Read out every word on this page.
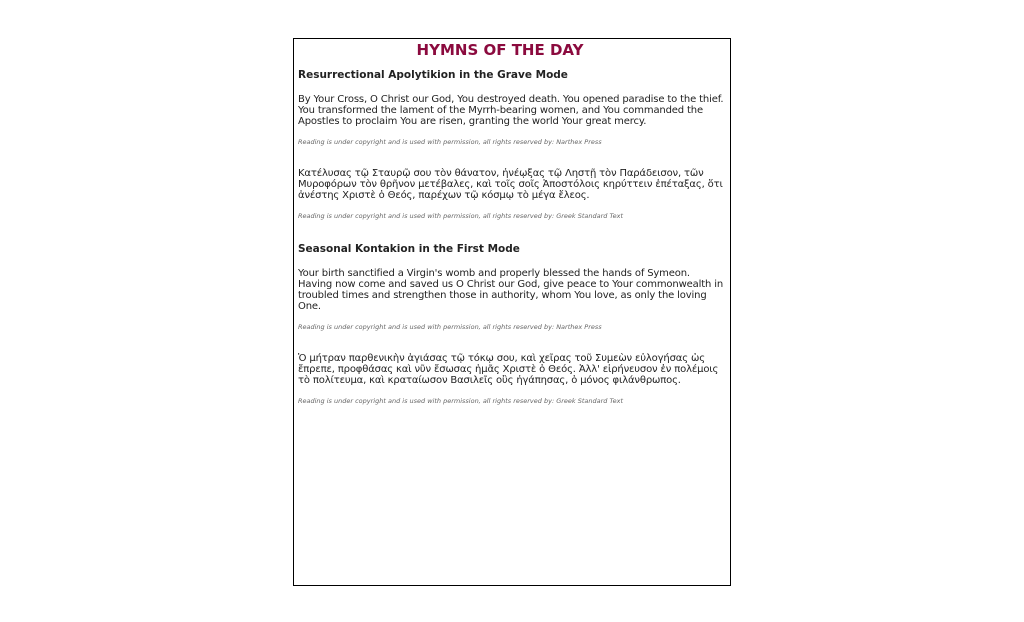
HYMNS OF THE DAY
Resurrectional Apolytikion in the Grave Mode

By Your Cross, O Christ our God, You destroyed death. You opened paradise to the thief. You transformed the lament of the Myrrh-bearing women, and You commanded the Apostles to proclaim You are risen, granting the world Your great mercy.

Reading is under copyright and is used with permission, all rights reserved by: Narthex Press

Κατέλυσας τῷ Σταυρῷ σου τὸν θάνατον, ἠνέῳξας τῷ Ληστῇ τὸν Παράδεισον, τῶν Μυροφόρων τὸν θρῆνον μετέβαλες, καὶ τοῖς σοῖς Ἀποστόλοις κηρύττειν ἐπέταξας, ὅτι ἀνέστης Χριστὲ ὁ Θεός, παρέχων τῷ κόσμῳ τὸ μέγα ἔλεος.

Reading is under copyright and is used with permission, all rights reserved by: Greek Standard Text

Seasonal Kontakion in the First Mode

Your birth sanctified a Virgin's womb and properly blessed the hands of Symeon. Having now come and saved us O Christ our God, give peace to Your commonwealth in troubled times and strengthen those in authority, whom You love, as only the loving One.

Reading is under copyright and is used with permission, all rights reserved by: Narthex Press

Ὁ μήτραν παρθενικὴν ἁγιάσας τῷ τόκῳ σου, καὶ χεῖρας τοῦ Συμεὼν εὐλογήσας ὡς ἔπρεπε, προφθάσας καὶ νῦν ἔσωσας ἡμᾶς Χριστὲ ὁ Θεός. Ἀλλ' εἰρήνευσον ἐν πολέμοις τὸ πολίτευμα, καὶ κραταίωσον Βασιλεῖς οὓς ἠγάπησας, ὁ μόνος φιλάνθρωπος.

Reading is under copyright and is used with permission, all rights reserved by: Greek Standard Text
